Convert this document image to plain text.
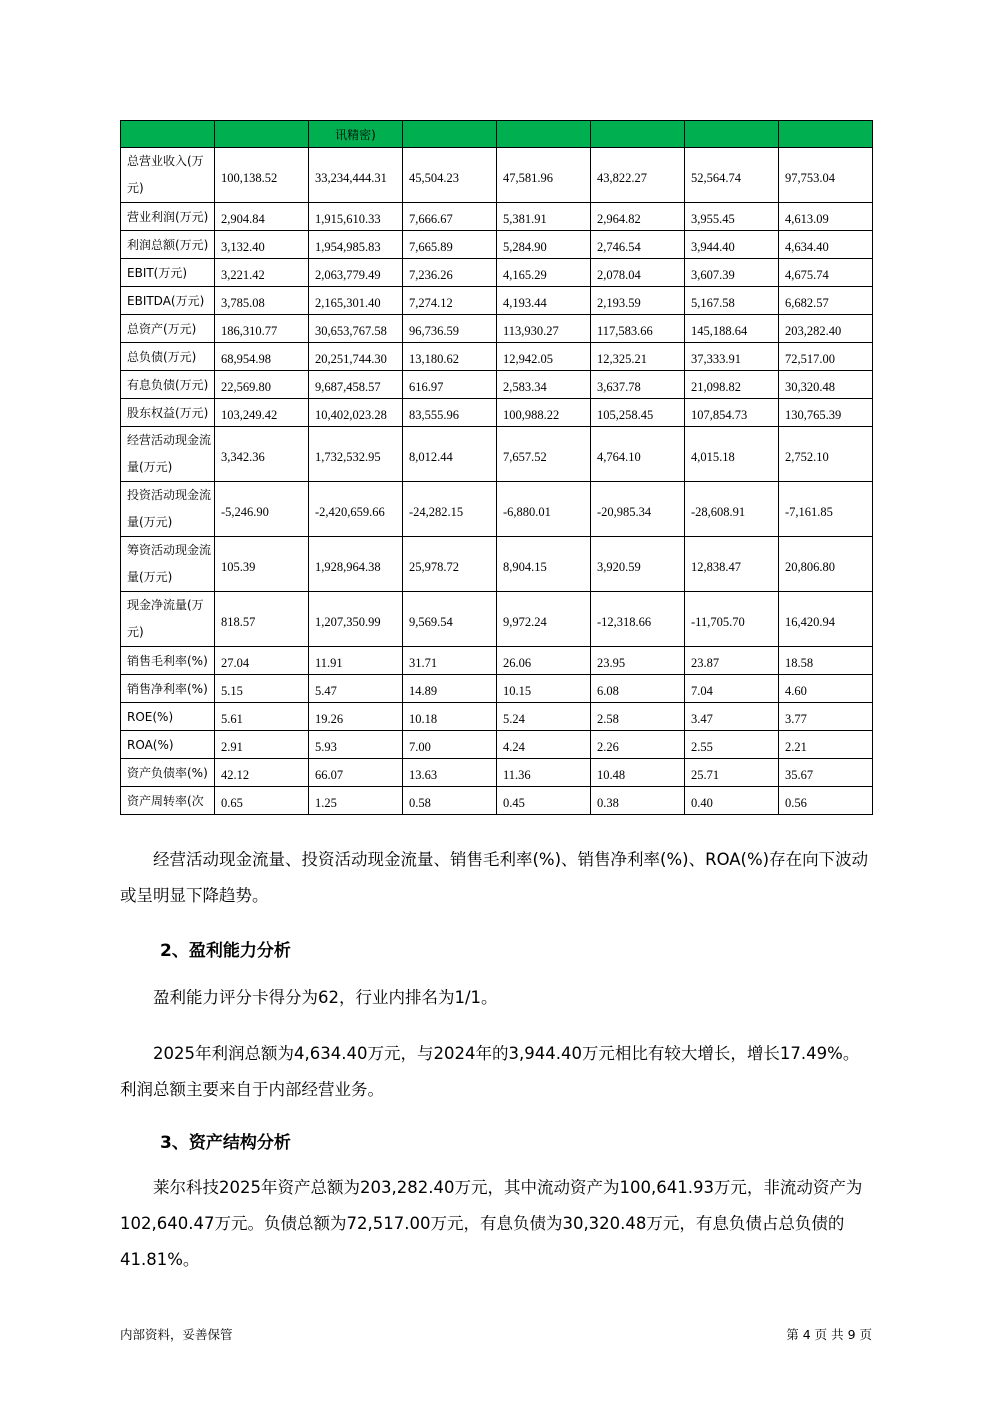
		讯精密)					
总营业收入(万元)	100,138.52	33,234,444.31	45,504.23	47,581.96	43,822.27	52,564.74	97,753.04
营业利润(万元)	2,904.84	1,915,610.33	7,666.67	5,381.91	2,964.82	3,955.45	4,613.09
利润总额(万元)	3,132.40	1,954,985.83	7,665.89	5,284.90	2,746.54	3,944.40	4,634.40
EBIT(万元)	3,221.42	2,063,779.49	7,236.26	4,165.29	2,078.04	3,607.39	4,675.74
EBITDA(万元)	3,785.08	2,165,301.40	7,274.12	4,193.44	2,193.59	5,167.58	6,682.57
总资产(万元)	186,310.77	30,653,767.58	96,736.59	113,930.27	117,583.66	145,188.64	203,282.40
总负债(万元)	68,954.98	20,251,744.30	13,180.62	12,942.05	12,325.21	37,333.91	72,517.00
有息负债(万元)	22,569.80	9,687,458.57	616.97	2,583.34	3,637.78	21,098.82	30,320.48
股东权益(万元)	103,249.42	10,402,023.28	83,555.96	100,988.22	105,258.45	107,854.73	130,765.39
经营活动现金流量(万元)	3,342.36	1,732,532.95	8,012.44	7,657.52	4,764.10	4,015.18	2,752.10
投资活动现金流量(万元)	-5,246.90	-2,420,659.66	-24,282.15	-6,880.01	-20,985.34	-28,608.91	-7,161.85
筹资活动现金流量(万元)	105.39	1,928,964.38	25,978.72	8,904.15	3,920.59	12,838.47	20,806.80
现金净流量(万元)	818.57	1,207,350.99	9,569.54	9,972.24	-12,318.66	-11,705.70	16,420.94
销售毛利率(%)	27.04	11.91	31.71	26.06	23.95	23.87	18.58
销售净利率(%)	5.15	5.47	14.89	10.15	6.08	7.04	4.60
ROE(%)	5.61	19.26	10.18	5.24	2.58	3.47	3.77
ROA(%)	2.91	5.93	7.00	4.24	2.26	2.55	2.21
资产负债率(%)	42.12	66.07	13.63	11.36	10.48	25.71	35.67
资产周转率(次	0.65	1.25	0.58	0.45	0.38	0.40	0.56

经营活动现金流量、投资活动现金流量、销售毛利率(%)、销售净利率(%)、ROA(%)存在向下波动或呈明显下降趋势。

2、盈利能力分析

盈利能力评分卡得分为62，行业内排名为1/1。

2025年利润总额为4,634.40万元，与2024年的3,944.40万元相比有较大增长，增长17.49%。利润总额主要来自于内部经营业务。

3、资产结构分析

莱尔科技2025年资产总额为203,282.40万元，其中流动资产为100,641.93万元，非流动资产为102,640.47万元。负债总额为72,517.00万元，有息负债为30,320.48万元，有息负债占总负债的41.81%。

内部资料，妥善保管	第 4 页 共 9 页
